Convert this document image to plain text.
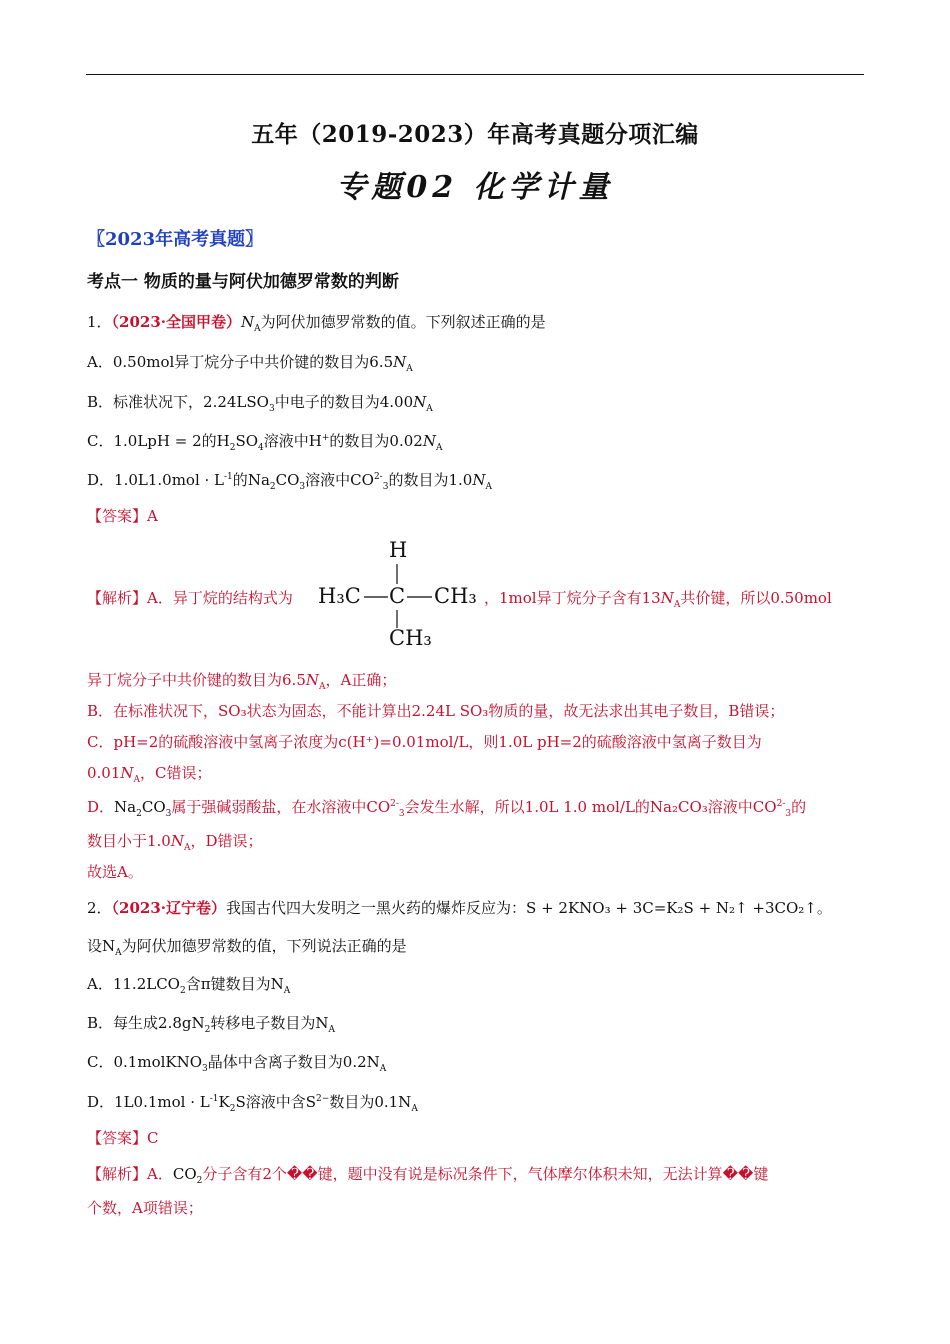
五年（2019-2023）年高考真题分项汇编
专题02 化学计量
〖2023年高考真题〗
考点一 物质的量与阿伏加德罗常数的判断
1．（2023·全国甲卷）$N_A$为阿伏加德罗常数的值。下列叙述正确的是
A．0.50mol异丁烷分子中共价键的数目为$6.5N_A$
B．标准状况下，$2.24LSO_3$中电子的数目为$4.00N_A$
C．1.0LpH = 2的$H_2SO_4$溶液中H+的数目为$0.02N_A$
D．$1.0L1.0mol \cdot L^{-1}$的$Na_2CO_3$溶液中$CO^{2-}_3$的数目为$1.0N_A$
【答案】A
H
H₃C C CH₃
CH₃
【解析】A．异丁烷的结构式为	，1mol异丁烷分子含有$13N_A$共价键，所以0.50mol
异丁烷分子中共价键的数目为$6.5N_A$，A正确；
B．在标准状况下，SO₃状态为固态，不能计算出2.24L SO₃物质的量，故无法求出其电子数目，B错误；
C．pH=2的硫酸溶液中氢离子浓度为c(H⁺)=0.01mol/L，则1.0L pH=2的硫酸溶液中氢离子数目为
$0.01N_A$，C错误；
D．$Na_2CO_3$属于强碱弱酸盐，在水溶液中$CO^{2-}_3$会发生水解，所以1.0L 1.0 mol/L的Na₂CO₃溶液中$CO^{2-}_3$的
数目小于$1.0N_A$，D错误；
故选A。
2．（2023·辽宁卷）我国古代四大发明之一黑火药的爆炸反应为：S + 2KNO₃ + 3C=K₂S + N₂↑ +3CO₂↑。
设$N_A$为阿伏加德罗常数的值，下列说法正确的是
A．$11.2LCO_2$含π键数目为$N_A$
B．每生成$2.8gN_2$转移电子数目为$N_A$
C．0.1molKNO$_3$晶体中含离子数目为$0.2N_A$
D．$1L0.1mol \cdot L^{-1}K_2S$溶液中含$S^{2-}$数目为$0.1N_A$
【答案】C
【解析】A．$CO_2$分子含有2个��键，题中没有说是标况条件下，气体摩尔体积未知，无法计算��键
个数，A项错误；
